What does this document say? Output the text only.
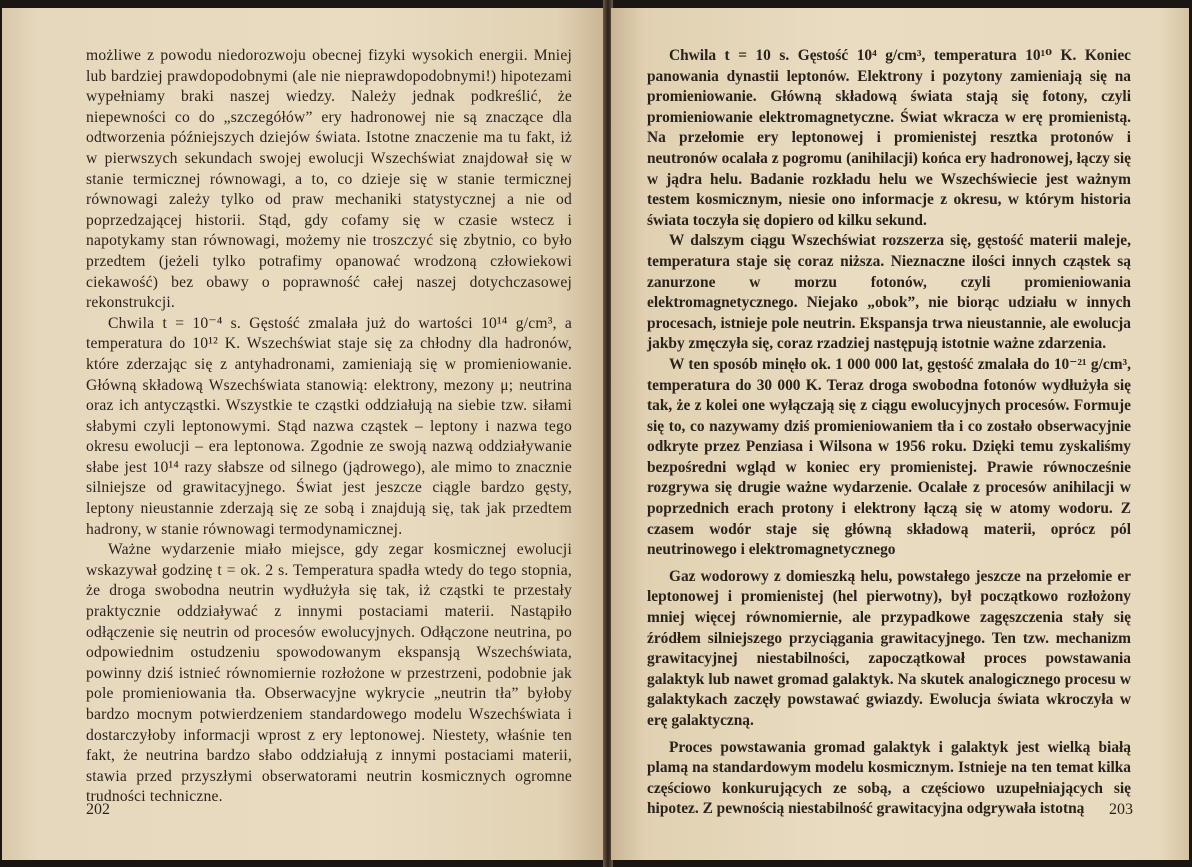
możliwe z powodu niedorozwoju obecnej fizyki wysokich energii. Mniej lub bardziej prawdopodobnymi (ale nie nieprawdopodobnymi!) hipotezami wypełniamy braki naszej wiedzy. Należy jednak podkreślić, że niepewności co do „szczegółów” ery hadronowej nie są znaczące dla odtworzenia późniejszych dziejów świata. Istotne znaczenie ma tu fakt, iż w pierwszych sekundach swojej ewolucji Wszechświat znajdował się w stanie termicznej równowagi, a to, co dzieje się w stanie termicznej równowagi zależy tylko od praw mechaniki statystycznej a nie od poprzedzającej historii. Stąd, gdy cofamy się w czasie wstecz i napotykamy stan równowagi, możemy nie troszczyć się zbytnio, co było przedtem (jeżeli tylko potrafimy opanować wrodzoną człowiekowi ciekawość) bez obawy o poprawność całej naszej dotychczasowej rekonstrukcji.

Chwila t = 10⁻⁴ s. Gęstość zmalała już do wartości 10¹⁴ g/cm³, a temperatura do 10¹² K. Wszechświat staje się za chłodny dla hadronów, które zderzając się z antyhadronami, zamieniają się w promieniowanie. Główną składową Wszechświata stanowią: elektrony, mezony μ; neutrina oraz ich antycząstki. Wszystkie te cząstki oddziałują na siebie tzw. siłami słabymi czyli leptonowymi. Stąd nazwa cząstek – leptony i nazwa tego okresu ewolucji – era leptonowa. Zgodnie ze swoją nazwą oddziaływanie słabe jest 10¹⁴ razy słabsze od silnego (jądrowego), ale mimo to znacznie silniejsze od grawitacyjnego. Świat jest jeszcze ciągle bardzo gęsty, leptony nieustannie zderzają się ze sobą i znajdują się, tak jak przedtem hadrony, w stanie równowagi termodynamicznej.

Ważne wydarzenie miało miejsce, gdy zegar kosmicznej ewolucji wskazywał godzinę t = ok. 2 s. Temperatura spadła wtedy do tego stopnia, że droga swobodna neutrin wydłużyła się tak, iż cząstki te przestały praktycznie oddziaływać z innymi postaciami materii. Nastąpiło odłączenie się neutrin od procesów ewolucyjnych. Odłączone neutrina, po odpowiednim ostudzeniu spowodowanym ekspansją Wszechświata, powinny dziś istnieć równomiernie rozłożone w przestrzeni, podobnie jak pole promieniowania tła. Obserwacyjne wykrycie „neutrin tła” byłoby bardzo mocnym potwierdzeniem standardowego modelu Wszechświata i dostarczyłoby informacji wprost z ery leptonowej. Niestety, właśnie ten fakt, że neutrina bardzo słabo oddziałują z innymi postaciami materii, stawia przed przyszłymi obserwatorami neutrin kosmicznych ogromne trudności techniczne.

202

Chwila t = 10 s. Gęstość 10⁴ g/cm³, temperatura 10¹⁰ K. Koniec panowania dynastii leptonów. Elektrony i pozytony zamieniają się na promieniowanie. Główną składową świata stają się fotony, czyli promieniowanie elektromagnetyczne. Świat wkracza w erę promienistą. Na przełomie ery leptonowej i promienistej resztka protonów i neutronów ocalała z pogromu (anihilacji) końca ery hadronowej, łączy się w jądra helu. Badanie rozkładu helu we Wszechświecie jest ważnym testem kosmicznym, niesie ono informacje z okresu, w którym historia świata toczyła się dopiero od kilku sekund.

W dalszym ciągu Wszechświat rozszerza się, gęstość materii maleje, temperatura staje się coraz niższa. Nieznaczne ilości innych cząstek są zanurzone w morzu fotonów, czyli promieniowania elektromagnetycznego. Niejako „obok”, nie biorąc udziału w innych procesach, istnieje pole neutrin. Ekspansja trwa nieustannie, ale ewolucja jakby zmęczyła się, coraz rzadziej następują istotnie ważne zdarzenia.

W ten sposób minęło ok. 1 000 000 lat, gęstość zmalała do 10⁻²¹ g/cm³, temperatura do 30 000 K. Teraz droga swobodna fotonów wydłużyła się tak, że z kolei one wyłączają się z ciągu ewolucyjnych procesów. Formuje się to, co nazywamy dziś promieniowaniem tła i co zostało obserwacyjnie odkryte przez Penziasa i Wilsona w 1956 roku. Dzięki temu zyskaliśmy bezpośredni wgląd w koniec ery promienistej. Prawie równocześnie rozgrywa się drugie ważne wydarzenie. Ocalałe z procesów anihilacji w poprzednich erach protony i elektrony łączą się w atomy wodoru. Z czasem wodór staje się główną składową materii, oprócz pól neutrinowego i elektromagnetycznego

Gaz wodorowy z domieszką helu, powstałego jeszcze na przełomie er leptonowej i promienistej (hel pierwotny), był początkowo rozłożony mniej więcej równomiernie, ale przypadkowe zagęszczenia stały się źródłem silniejszego przyciągania grawitacyjnego. Ten tzw. mechanizm grawitacyjnej niestabilności, zapoczątkował proces powstawania galaktyk lub nawet gromad galaktyk. Na skutek analogicznego procesu w galaktykach zaczęły powstawać gwiazdy. Ewolucja świata wkroczyła w erę galaktyczną.

Proces powstawania gromad galaktyk i galaktyk jest wielką białą plamą na standardowym modelu kosmicznym. Istnieje na ten temat kilka częściowo konkurujących ze sobą, a częściowo uzupełniających się hipotez. Z pewnością niestabilność grawitacyjna odgrywała istotną	203
